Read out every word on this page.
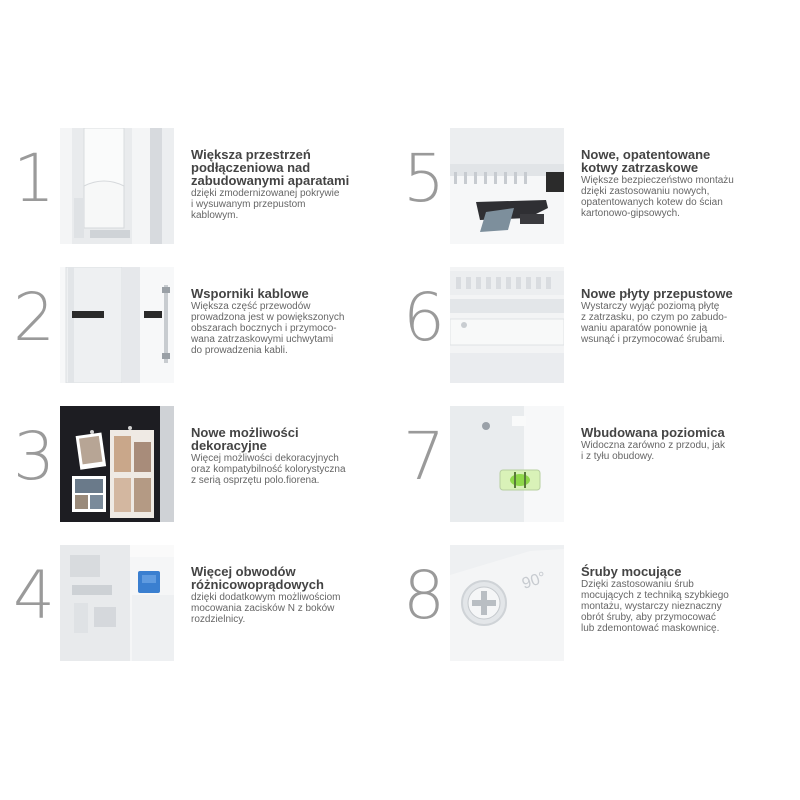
1	Większa przestrzeń
podłączeniowa nad
zabudowanymi aparatami

dzięki zmodernizowanej pokrywie
i wysuwanym przepustom
kablowym.

2	Wsporniki kablowe

Większa część przewodów
prowadzona jest w powiększonych
obszarach bocznych i przymoco-
wana zatrzaskowymi uchwytami
do prowadzenia kabli.

3	Nowe możliwości
dekoracyjne

Więcej możliwości dekoracyjnych
oraz kompatybilność kolorystyczna
z serią osprzętu polo.fiorena.

4	Więcej obwodów
różnicowoprądowych

dzięki dodatkowym możliwościom
mocowania zacisków N z boków
rozdzielnicy.

5	Nowe, opatentowane
kotwy zatrzaskowe

Większe bezpieczeństwo montażu
dzięki zastosowaniu nowych,
opatentowanych kotew do ścian
kartonowo-gipsowych.

6	Nowe płyty przepustowe

Wystarczy wyjąć poziomą płytę
z zatrzasku, po czym po zabudo-
waniu aparatów ponownie ją
wsunąć i przymocować śrubami.

7	Wbudowana poziomica

Widoczna zarówno z przodu, jak
i z tyłu obudowy.

8	90°	Śruby mocujące

Dzięki zastosowaniu śrub
mocujących z techniką szybkiego
montażu, wystarczy nieznaczny
obrót śruby, aby przymocować
lub zdemontować maskownicę.
